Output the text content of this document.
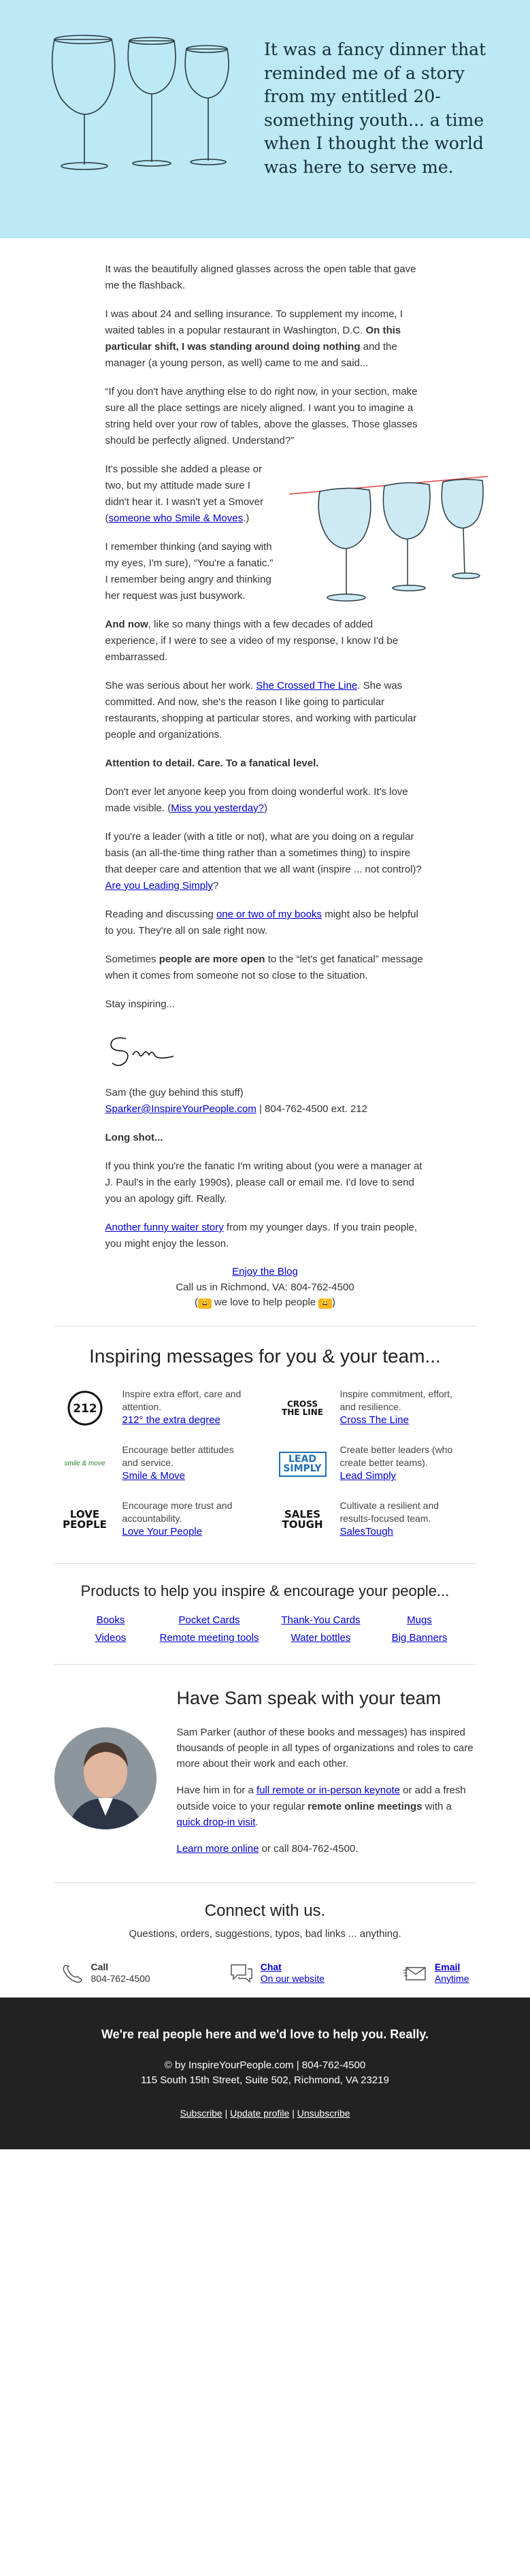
It was a fancy dinner that reminded me of a story from my entitled 20-something youth... a time when I thought the world was here to serve me.

It was the beautifully aligned glasses across the open table that gave me the flashback.

I was about 24 and selling insurance. To supplement my income, I waited tables in a popular restaurant in Washington, D.C. On this particular shift, I was standing around doing nothing and the manager (a young person, as well) came to me and said...

“If you don't have anything else to do right now, in your section, make sure all the place settings are nicely aligned. I want you to imagine a string held over your row of tables, above the glasses. Those glasses should be perfectly aligned. Understand?”

It's possible she added a please or two, but my attitude made sure I didn't hear it. I wasn't yet a Smover (someone who Smile & Moves.)

I remember thinking (and saying with my eyes, I'm sure), “You're a fanatic.” I remember being angry and thinking her request was just busywork.

And now, like so many things with a few decades of added experience, if I were to see a video of my response, I know I'd be embarrassed.

She was serious about her work. She Crossed The Line. She was committed. And now, she's the reason I like going to particular restaurants, shopping at particular stores, and working with particular people and organizations.

Attention to detail. Care. To a fanatical level.

Don't ever let anyone keep you from doing wonderful work. It's love made visible. (Miss you yesterday?)

If you're a leader (with a title or not), what are you doing on a regular basis (an all-the-time thing rather than a sometimes thing) to inspire that deeper care and attention that we all want (inspire ... not control)? Are you Leading Simply?

Reading and discussing one or two of my books might also be helpful to you. They're all on sale right now.

Sometimes people are more open to the “let's get fanatical” message when it comes from someone not so close to the situation.

Stay inspiring...

Sam (the guy behind this stuff)
Sparker@InspireYourPeople.com | 804-762-4500 ext. 212

Long shot...

If you think you're the fanatic I'm writing about (you were a manager at J. Paul's in the early 1990s), please call or email me. I'd love to send you an apology gift. Really.

Another funny waiter story from my younger days. If you train people, you might enjoy the lesson.

Enjoy the Blog
Call us in Richmond, VA: 804-762-4500
( 😀 we love to help people 😀 )
Inspiring messages for you & your team...
212
Inspire extra effort, care and attention.
212° the extra degree
CROSS THE LINE
Inspire commitment, effort, and resilience.
Cross The Line
smile & move
Encourage better attitudes and service.
Smile & Move
LEAD SIMPLY
Create better leaders (who create better teams).
Lead Simply
LOVE PEOPLE
Encourage more trust and accountability.
Love Your People
SALES TOUGH
Cultivate a resilient and results-focused team.
SalesTough
Products to help you inspire & encourage your people...
Books	Pocket Cards	Thank-You Cards	Mugs
Videos	Remote meeting tools	Water bottles	Big Banners
Have Sam speak with your team

Sam Parker (author of these books and messages) has inspired thousands of people in all types of organizations and roles to care more about their work and each other.

Have him in for a full remote or in-person keynote or add a fresh outside voice to your regular remote online meetings with a quick drop-in visit.

Learn more online or call 804-762-4500.

Connect with us.

Questions, orders, suggestions, typos, bad links ... anything.

Call
804-762-4500
Chat
On our website
Email
Anytime
We're real people here and we'd love to help you. Really.

© by InspireYourPeople.com | 804-762-4500

115 South 15th Street, Suite 502, Richmond, VA 23219

Subscribe | Update profile | Unsubscribe
